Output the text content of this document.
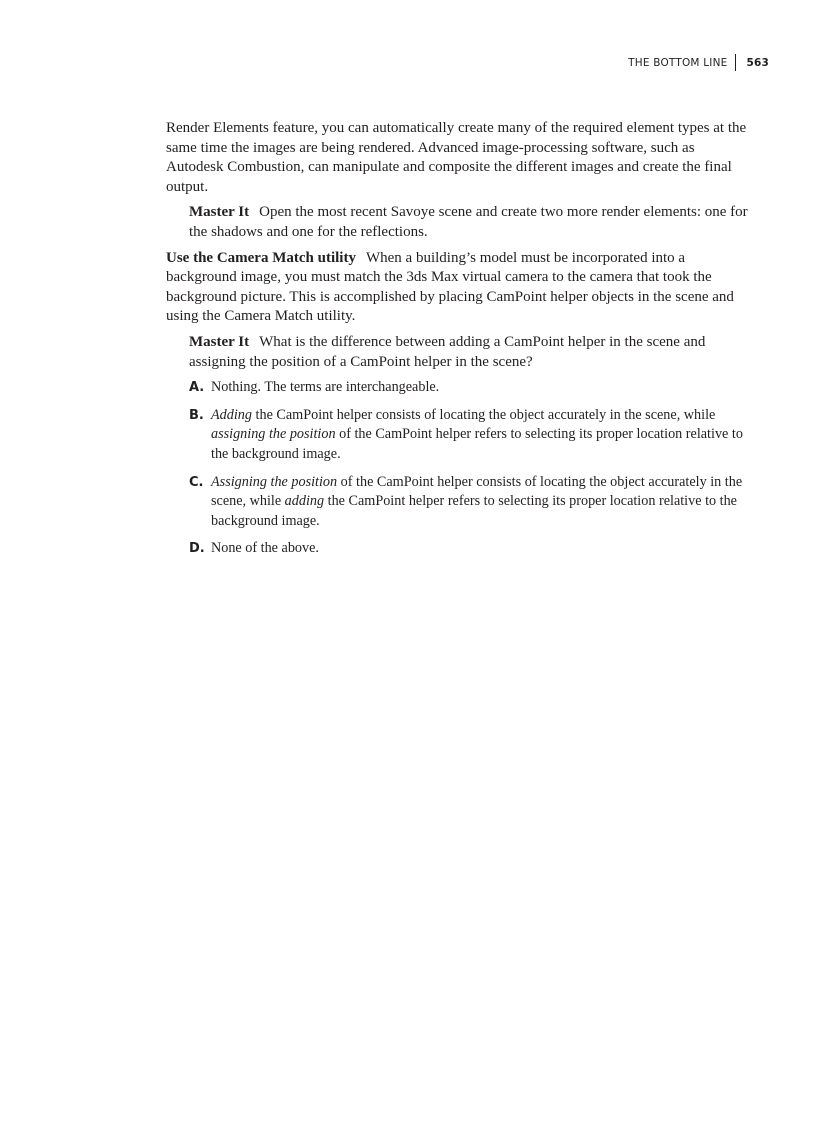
THE BOTTOM LINE	563

Render Elements feature, you can automatically create many of the required element types at the same time the images are being rendered. Advanced image-processing software, such as Autodesk Combustion, can manipulate and composite the different images and create the final output.

Master It Open the most recent Savoye scene and create two more render elements: one for the shadows and one for the reflections.

Use the Camera Match utility When a building’s model must be incorporated into a background image, you must match the 3ds Max virtual camera to the camera that took the background picture. This is accomplished by placing CamPoint helper objects in the scene and using the Camera Match utility.

Master It What is the difference between adding a CamPoint helper in the scene and assigning the position of a CamPoint helper in the scene?

A. Nothing. The terms are interchangeable.
B. Adding the CamPoint helper consists of locating the object accurately in the scene, while assigning the position of the CamPoint helper refers to selecting its proper location relative to the background image.
C. Assigning the position of the CamPoint helper consists of locating the object accurately in the scene, while adding the CamPoint helper refers to selecting its proper location relative to the background image.
D. None of the above.
